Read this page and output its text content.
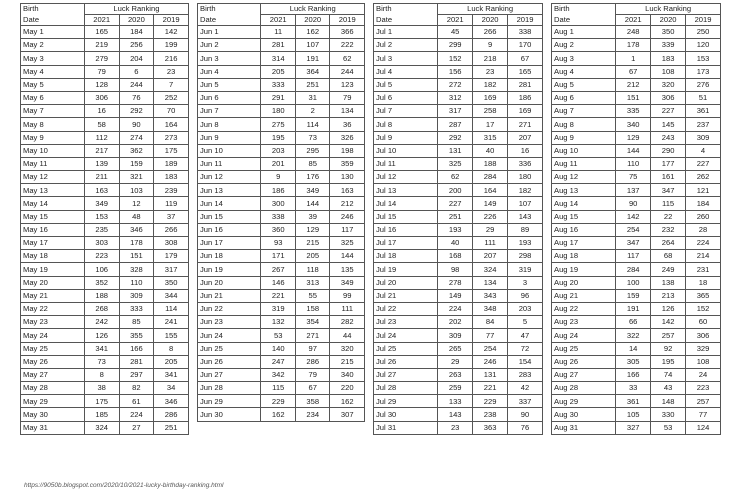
Birth	Luck Ranking		
Date	2021	2020	2019
May 1	165	184	142
May 2	219	256	199
May 3	279	204	216
May 4	79	6	23
May 5	128	244	7
May 6	306	76	252
May 7	16	292	70
May 8	58	90	164
May 9	112	274	273
May 10	217	362	175
May 11	139	159	189
May 12	211	321	183
May 13	163	103	239
May 14	349	12	119
May 15	153	48	37
May 16	235	346	266
May 17	303	178	308
May 18	223	151	179
May 19	106	328	317
May 20	352	110	350
May 21	188	309	344
May 22	268	333	114
May 23	242	85	241
May 24	126	355	155
May 25	341	166	8
May 26	73	281	205
May 27	8	297	341
May 28	38	82	34
May 29	175	61	346
May 30	185	224	286
May 31	324	27	251
Birth	Luck Ranking		
Date	2021	2020	2019
Jun 1	11	162	366
Jun 2	281	107	222
Jun 3	314	191	62
Jun 4	205	364	244
Jun 5	333	251	123
Jun 6	291	31	79
Jun 7	180	2	134
Jun 8	275	114	36
Jun 9	195	73	326
Jun 10	203	295	198
Jun 11	201	85	359
Jun 12	9	176	130
Jun 13	186	349	163
Jun 14	300	144	212
Jun 15	338	39	246
Jun 16	360	129	117
Jun 17	93	215	325
Jun 18	171	205	144
Jun 19	267	118	135
Jun 20	146	313	349
Jun 21	221	55	99
Jun 22	319	158	111
Jun 23	132	354	282
Jun 24	53	271	44
Jun 25	140	97	320
Jun 26	247	286	215
Jun 27	342	79	340
Jun 28	115	67	220
Jun 29	229	358	162
Jun 30	162	234	307
Birth	Luck Ranking		
Date	2021	2020	2019
Jul 1	45	266	338
Jul 2	299	9	170
Jul 3	152	218	67
Jul 4	156	23	165
Jul 5	272	182	281
Jul 6	312	169	186
Jul 7	317	258	169
Jul 8	287	17	271
Jul 9	292	315	207
Jul 10	131	40	16
Jul 11	325	188	336
Jul 12	62	284	180
Jul 13	200	164	182
Jul 14	227	149	107
Jul 15	251	226	143
Jul 16	193	29	89
Jul 17	40	111	193
Jul 18	168	207	298
Jul 19	98	324	319
Jul 20	278	134	3
Jul 21	149	343	96
Jul 22	224	348	203
Jul 23	202	84	5
Jul 24	309	77	47
Jul 25	265	254	72
Jul 26	29	246	154
Jul 27	263	131	283
Jul 28	259	221	42
Jul 29	133	229	337
Jul 30	143	238	90
Jul 31	23	363	76
Birth	Luck Ranking		
Date	2021	2020	2019
Aug 1	248	350	250
Aug 2	178	339	120
Aug 3	1	183	153
Aug 4	67	108	173
Aug 5	212	320	276
Aug 6	151	306	51
Aug 7	335	227	361
Aug 8	340	145	237
Aug 9	129	243	309
Aug 10	144	290	4
Aug 11	110	177	227
Aug 12	75	161	262
Aug 13	137	347	121
Aug 14	90	115	184
Aug 15	142	22	260
Aug 16	254	232	28
Aug 17	347	264	224
Aug 18	117	68	214
Aug 19	284	249	231
Aug 20	100	138	18
Aug 21	159	213	365
Aug 22	191	126	152
Aug 23	66	142	60
Aug 24	322	257	306
Aug 25	14	92	329
Aug 26	305	195	108
Aug 27	166	74	24
Aug 28	33	43	223
Aug 29	361	148	257
Aug 30	105	330	77
Aug 31	327	53	124
https://9050b.blogspot.com/2020/10/2021-lucky-birthday-ranking.html
